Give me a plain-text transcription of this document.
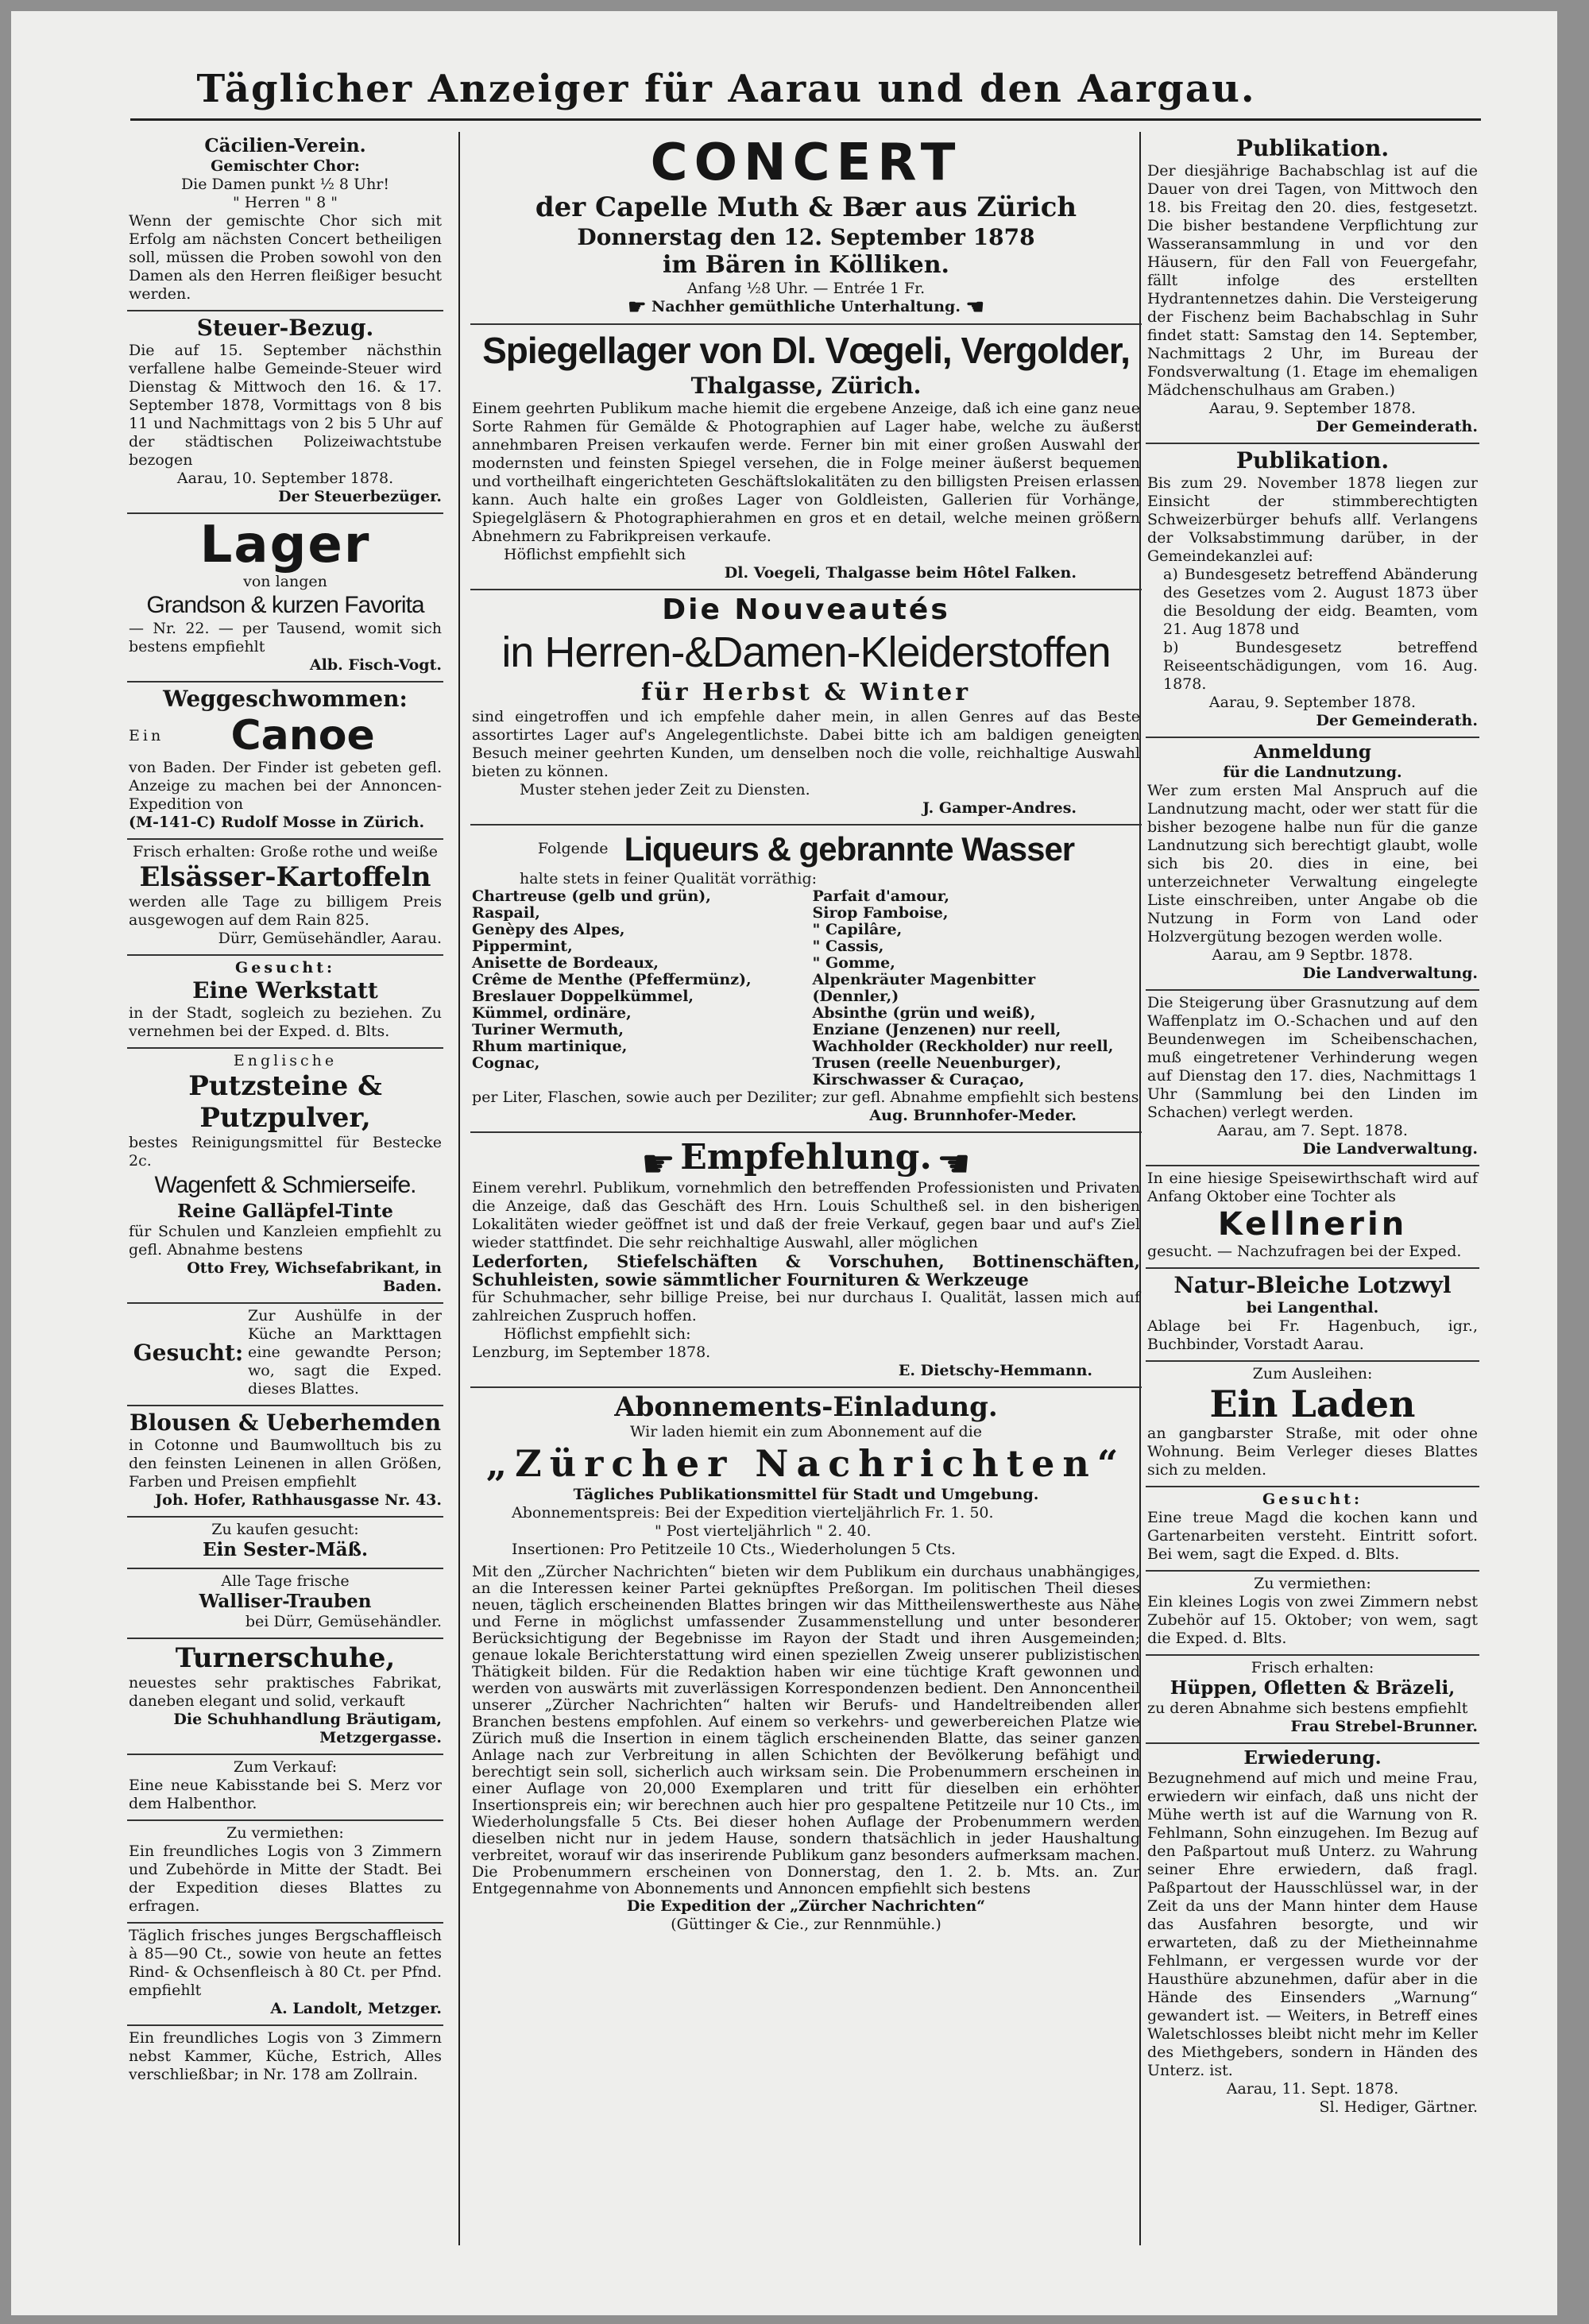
Täglicher Anzeiger für Aarau und den Aargau.
Cäcilien-Verein.
Gemischter Chor:
Die Damen punkt ½ 8 Uhr!
" Herren " 8 "

Wenn der gemischte Chor sich mit Erfolg am nächsten Concert betheiligen soll, müssen die Proben sowohl von den Damen als den Herren fleißiger besucht werden.

Steuer-Bezug.

Die auf 15. September nächsthin verfallene halbe Gemeinde-Steuer wird Dienstag & Mittwoch den 16. & 17. September 1878, Vormittags von 8 bis 11 und Nachmittags von 2 bis 5 Uhr auf der städtischen Polizeiwachtstube bezogen

Aarau, 10. September 1878.
Der Steuerbezüger.
Lager
von langen
Grandson & kurzen Favorita

— Nr. 22. — per Tausend, womit sich bestens empfiehlt

Alb. Fisch-Vogt.
Weggeschwommen:
Ein	Canoe

von Baden. Der Finder ist gebeten gefl. Anzeige zu machen bei der Annoncen-Expedition von

(M-141-C) Rudolf Mosse in Zürich.
Frisch erhalten: Große rothe und weiße
Elsässer-Kartoffeln

werden alle Tage zu billigem Preis ausgewogen auf dem Rain 825.

Dürr, Gemüsehändler, Aarau.
Gesucht:
Eine Werkstatt

in der Stadt, sogleich zu beziehen. Zu vernehmen bei der Exped. d. Blts.

Englische
Putzsteine & Putzpulver,

bestes Reinigungsmittel für Bestecke 2c.

Wagenfett & Schmierseife.
Reine Galläpfel-Tinte

für Schulen und Kanzleien empfiehlt zu gefl. Abnahme bestens

Otto Frey, Wichsefabrikant, in Baden.
Gesucht:

Zur Aushülfe in der Küche an Markttagen eine gewandte Person; wo, sagt die Exped. dieses Blattes.

Blousen & Ueberhemden

in Cotonne und Baumwolltuch bis zu den feinsten Leinenen in allen Größen, Farben und Preisen empfiehlt

Joh. Hofer, Rathhausgasse Nr. 43.
Zu kaufen gesucht:
Ein Sester-Mäß.
Alle Tage frische
Walliser-Trauben
bei Dürr, Gemüsehändler.
Turnerschuhe,

neuestes sehr praktisches Fabrikat, daneben elegant und solid, verkauft

Die Schuhhandlung Bräutigam, Metzgergasse.
Zum Verkauf:

Eine neue Kabisstande bei S. Merz vor dem Halbenthor.

Zu vermiethen:

Ein freundliches Logis von 3 Zimmern und Zubehörde in Mitte der Stadt. Bei der Expedition dieses Blattes zu erfragen.

Täglich frisches junges Bergschaffleisch à 85—90 Ct., sowie von heute an fettes Rind- & Ochsenfleisch à 80 Ct. per Pfnd. empfiehlt

A. Landolt, Metzger.

Ein freundliches Logis von 3 Zimmern nebst Kammer, Küche, Estrich, Alles verschließbar; in Nr. 178 am Zollrain.

CONCERT
der Capelle Muth & Bær aus Zürich
Donnerstag den 12. September 1878
im Bären in Kölliken.
Anfang ½8 Uhr. — Entrée 1 Fr.
☛ Nachher gemüthliche Unterhaltung. ☚
Spiegellager von Dl. Vœgeli, Vergolder,
Thalgasse, Zürich.

Einem geehrten Publikum mache hiemit die ergebene Anzeige, daß ich eine ganz neue Sorte Rahmen für Gemälde & Photographien auf Lager habe, welche zu äußerst annehmbaren Preisen verkaufen werde. Ferner bin mit einer großen Auswahl der modernsten und feinsten Spiegel versehen, die in Folge meiner äußerst bequemen und vortheilhaft eingerichteten Geschäftslokalitäten zu den billigsten Preisen erlassen kann. Auch halte ein großes Lager von Goldleisten, Gallerien für Vorhänge, Spiegelgläsern & Photographierahmen en gros et en detail, welche meinen größern Abnehmern zu Fabrikpreisen verkaufe.

Höflichst empfiehlt sich
Dl. Voegeli, Thalgasse beim Hôtel Falken.
Die Nouveautés
in Herren-&Damen-Kleiderstoffen
für Herbst & Winter

sind eingetroffen und ich empfehle daher mein, in allen Genres auf das Beste assortirtes Lager auf's Angelegentlichste. Dabei bitte ich am baldigen geneigten Besuch meiner geehrten Kunden, um denselben noch die volle, reichhaltige Auswahl bieten zu können.

Muster stehen jeder Zeit zu Diensten.
J. Gamper-Andres.
Folgende Liqueurs & gebrannte Wasser
halte stets in feiner Qualität vorräthig:
Chartreuse (gelb und grün),
Raspail,
Genèpy des Alpes,
Pippermint,
Anisette de Bordeaux,
Crême de Menthe (Pfeffermünz),
Breslauer Doppelkümmel,
Kümmel, ordinäre,
Turiner Wermuth,
Rhum martinique,
Cognac,
Parfait d'amour,
Sirop Famboise,
" Capilâre,
" Cassis,
" Gomme,
Alpenkräuter Magenbitter
(Dennler,)
Absinthe (grün und weiß),
Enziane (Jenzenen) nur reell,
Wachholder (Reckholder) nur reell,
Trusen (reelle Neuenburger),
Kirschwasser & Curaçao,

per Liter, Flaschen, sowie auch per Deziliter; zur gefl. Abnahme empfiehlt sich bestens

Aug. Brunnhofer-Meder.
☛ Empfehlung. ☚

Einem verehrl. Publikum, vornehmlich den betreffenden Professionisten und Privaten die Anzeige, daß das Geschäft des Hrn. Louis Schultheß sel. in den bisherigen Lokalitäten wieder geöffnet ist und daß der freie Verkauf, gegen baar und auf's Ziel wieder stattfindet. Die sehr reichhaltige Auswahl, aller möglichen

Lederforten, Stiefelschäften & Vorschuhen, Bottinenschäften, Schuhleisten, sowie sämmtlicher Fournituren & Werkzeuge

für Schuhmacher, sehr billige Preise, bei nur durchaus I. Qualität, lassen mich auf zahlreichen Zuspruch hoffen.

Höflichst empfiehlt sich:
Lenzburg, im September 1878.
E. Dietschy-Hemmann.
Abonnements-Einladung.
Wir laden hiemit ein zum Abonnement auf die
„Zürcher Nachrichten“
Tägliches Publikationsmittel für Stadt und Umgebung.
Abonnementspreis: Bei der Expedition vierteljährlich Fr. 1. 50.
" Post vierteljährlich " 2. 40.
Insertionen: Pro Petitzeile 10 Cts., Wiederholungen 5 Cts.

Mit den „Zürcher Nachrichten“ bieten wir dem Publikum ein durchaus unabhängiges, an die Interessen keiner Partei geknüpftes Preßorgan. Im politischen Theil dieses neuen, täglich erscheinenden Blattes bringen wir das Mittheilenswertheste aus Nähe und Ferne in möglichst umfassender Zusammenstellung und unter besonderer Berücksichtigung der Begebnisse im Rayon der Stadt und ihren Ausgemeinden; genaue lokale Berichterstattung wird einen speziellen Zweig unserer publizistischen Thätigkeit bilden. Für die Redaktion haben wir eine tüchtige Kraft gewonnen und werden von auswärts mit zuverlässigen Korrespondenzen bedient. Den Annoncentheil unserer „Zürcher Nachrichten“ halten wir Berufs- und Handeltreibenden aller Branchen bestens empfohlen. Auf einem so verkehrs- und gewerbereichen Platze wie Zürich muß die Insertion in einem täglich erscheinenden Blatte, das seiner ganzen Anlage nach zur Verbreitung in allen Schichten der Bevölkerung befähigt und berechtigt sein soll, sicherlich auch wirksam sein. Die Probenummern erscheinen in einer Auflage von 20,000 Exemplaren und tritt für dieselben ein erhöhter Insertionspreis ein; wir berechnen auch hier pro gespaltene Petitzeile nur 10 Cts., im Wiederholungsfalle 5 Cts. Bei dieser hohen Auflage der Probenummern werden dieselben nicht nur in jedem Hause, sondern thatsächlich in jeder Haushaltung verbreitet, worauf wir das inserirende Publikum ganz besonders aufmerksam machen. Die Probenummern erscheinen von Donnerstag, den 1. 2. b. Mts. an. Zur Entgegennahme von Abonnements und Annoncen empfiehlt sich bestens

Die Expedition der „Zürcher Nachrichten“
(Güttinger & Cie., zur Rennmühle.)
Publikation.

Der diesjährige Bachabschlag ist auf die Dauer von drei Tagen, von Mittwoch den 18. bis Freitag den 20. dies, festgesetzt. Die bisher bestandene Verpflichtung zur Wasseransammlung in und vor den Häusern, für den Fall von Feuergefahr, fällt infolge des erstellten Hydrantennetzes dahin. Die Versteigerung der Fischenz beim Bachabschlag in Suhr findet statt: Samstag den 14. September, Nachmittags 2 Uhr, im Bureau der Fondsverwaltung (1. Etage im ehemaligen Mädchenschulhaus am Graben.)

Aarau, 9. September 1878.
Der Gemeinderath.
Publikation.

Bis zum 29. November 1878 liegen zur Einsicht der stimmberechtigten Schweizerbürger behufs allf. Verlangens der Volksabstimmung darüber, in der Gemeindekanzlei auf:

a) Bundesgesetz betreffend Abänderung des Gesetzes vom 2. August 1873 über die Besoldung der eidg. Beamten, vom 21. Aug 1878 und

b) Bundesgesetz betreffend Reiseentschädigungen, vom 16. Aug. 1878.

Aarau, 9. September 1878.
Der Gemeinderath.
Anmeldung
für die Landnutzung.

Wer zum ersten Mal Anspruch auf die Landnutzung macht, oder wer statt für die bisher bezogene halbe nun für die ganze Landnutzung sich berechtigt glaubt, wolle sich bis 20. dies in eine, bei unterzeichneter Verwaltung eingelegte Liste einschreiben, unter Angabe ob die Nutzung in Form von Land oder Holzvergütung bezogen werden wolle.

Aarau, am 9 Septbr. 1878.
Die Landverwaltung.

Die Steigerung über Grasnutzung auf dem Waffenplatz im O.-Schachen und auf den Beundenwegen im Scheibenschachen, muß eingetretener Verhinderung wegen auf Dienstag den 17. dies, Nachmittags 1 Uhr (Sammlung bei den Linden im Schachen) verlegt werden.

Aarau, am 7. Sept. 1878.
Die Landverwaltung.

In eine hiesige Speisewirthschaft wird auf Anfang Oktober eine Tochter als

Kellnerin
gesucht. — Nachzufragen bei der Exped.
Natur-Bleiche Lotzwyl
bei Langenthal.

Ablage bei Fr. Hagenbuch, igr., Buchbinder, Vorstadt Aarau.

Zum Ausleihen:
Ein Laden

an gangbarster Straße, mit oder ohne Wohnung. Beim Verleger dieses Blattes sich zu melden.

Gesucht:

Eine treue Magd die kochen kann und Gartenarbeiten versteht. Eintritt sofort. Bei wem, sagt die Exped. d. Blts.

Zu vermiethen:

Ein kleines Logis von zwei Zimmern nebst Zubehör auf 15. Oktober; von wem, sagt die Exped. d. Blts.

Frisch erhalten:
Hüppen, Ofletten & Bräzeli,

zu deren Abnahme sich bestens empfiehlt

Frau Strebel-Brunner.
Erwiederung.

Bezugnehmend auf mich und meine Frau, erwiedern wir einfach, daß uns nicht der Mühe werth ist auf die Warnung von R. Fehlmann, Sohn einzugehen. Im Bezug auf den Paßpartout muß Unterz. zu Wahrung seiner Ehre erwiedern, daß fragl. Paßpartout der Hausschlüssel war, in der Zeit da uns der Mann hinter dem Hause das Ausfahren besorgte, und wir erwarteten, daß zu der Mietheinnahme Fehlmann, er vergessen wurde vor der Hausthüre abzunehmen, dafür aber in die Hände des Einsenders „Warnung“ gewandert ist. — Weiters, in Betreff eines Waletschlosses bleibt nicht mehr im Keller des Miethgebers, sondern in Händen des Unterz. ist.

Aarau, 11. Sept. 1878.
Sl. Hediger, Gärtner.
